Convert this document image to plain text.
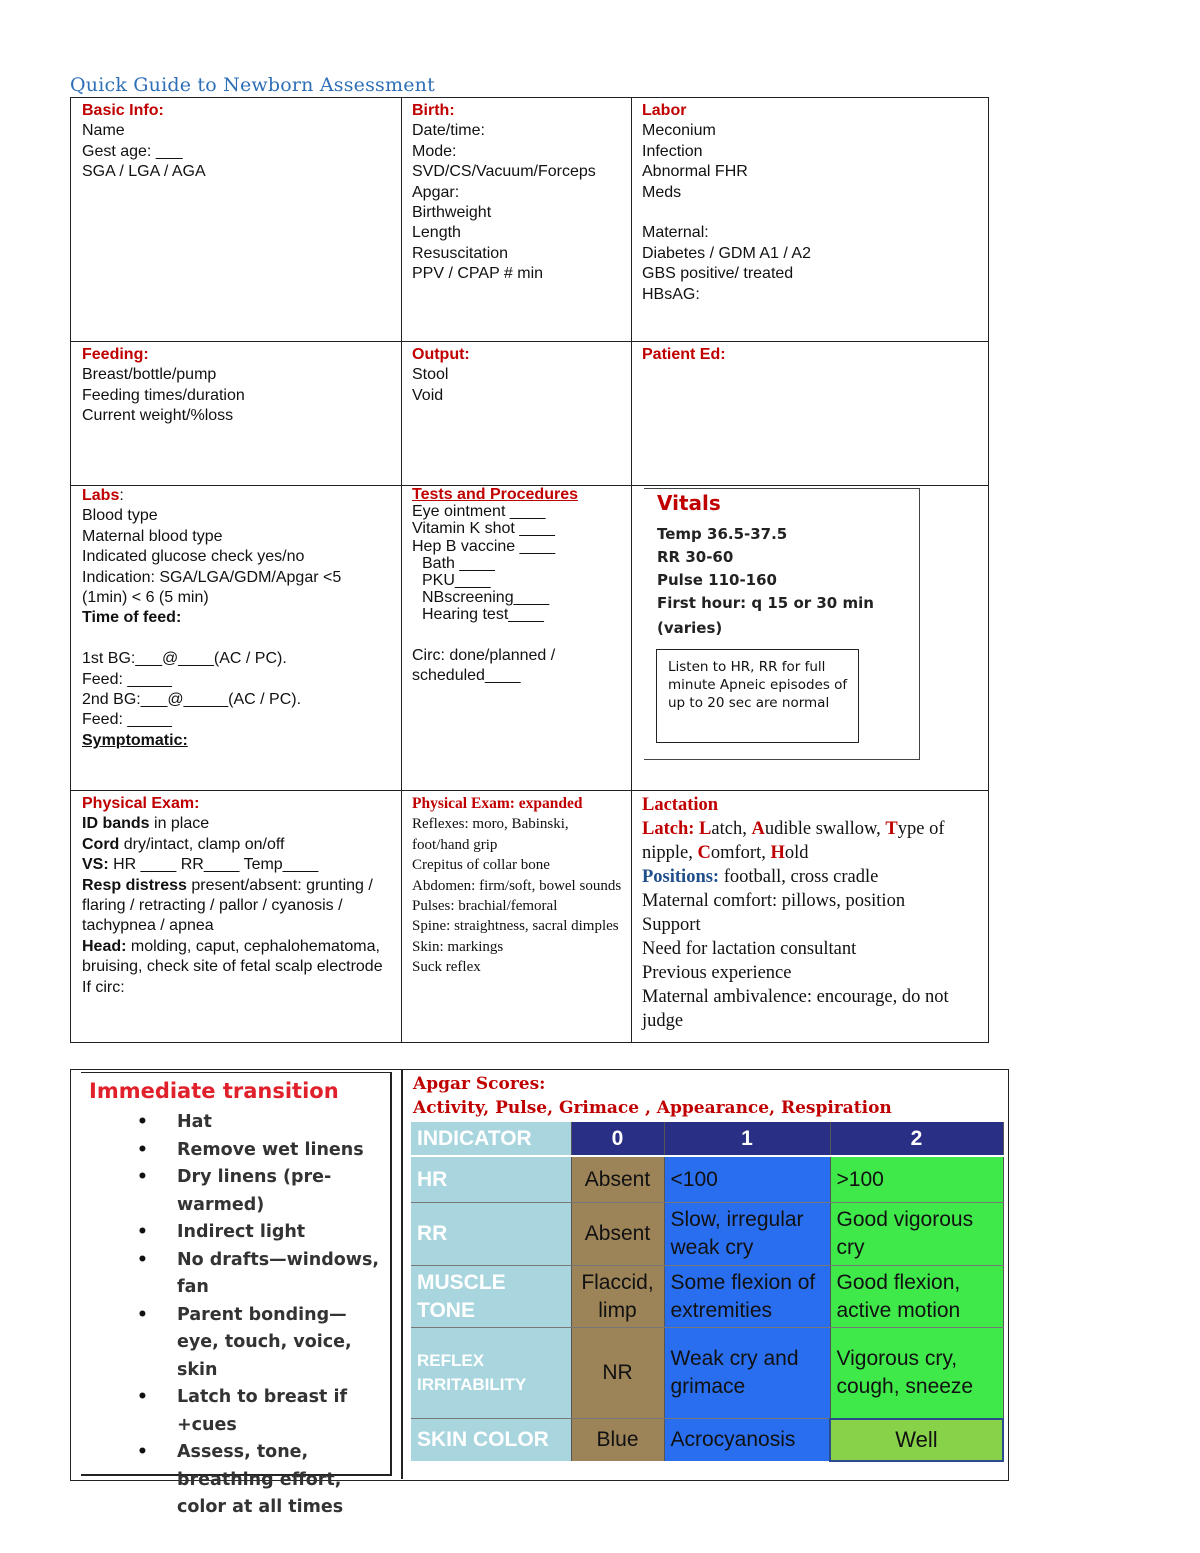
Quick Guide to Newborn Assessment
Basic Info:
Name
Gest age: ___
SGA / LGA / AGA
Birth:
Date/time:
Mode:
SVD/CS/Vacuum/Forceps
Apgar:
Birthweight
Length
Resuscitation
PPV / CPAP # min
Labor
Meconium
Infection
Abnormal FHR
Meds
Maternal:
Diabetes / GDM A1 / A2
GBS positive/ treated
HBsAG:
Feeding:
Breast/bottle/pump
Feeding times/duration
Current weight/%loss
Output:
Stool
Void
Patient Ed:
Labs:
Blood type
Maternal blood type
Indicated glucose check yes/no
Indication: SGA/LGA/GDM/Apgar <5 (1min) < 6 (5 min)
Time of feed:
1st BG:___@____(AC / PC).
Feed: _____
2nd BG:___@_____(AC / PC).
Feed: _____
Symptomatic:
Tests and Procedures
Eye ointment ____
Vitamin K shot ____
Hep B vaccine ____
Bath ____
PKU____
NBscreening____
Hearing test____
Circ: done/planned / scheduled____
Vitals
Temp 36.5-37.5
RR 30-60
Pulse 110-160
First hour: q 15 or 30 min
(varies)
Listen to HR, RR for full minute Apneic episodes of up to 20 sec are normal
Physical Exam:
ID bands in place
Cord dry/intact, clamp on/off
VS: HR ____ RR____ Temp____
Resp distress present/absent: grunting / flaring / retracting / pallor / cyanosis / tachypnea / apnea
Head: molding, caput, cephalohematoma, bruising, check site of fetal scalp electrode
If circ:
Physical Exam: expanded
Reflexes: moro, Babinski, foot/hand grip
Crepitus of collar bone
Abdomen: firm/soft, bowel sounds
Pulses: brachial/femoral
Spine: straightness, sacral dimples
Skin: markings
Suck reflex
Lactation
Latch: Latch, Audible swallow, Type of nipple, Comfort, Hold
Positions: football, cross cradle
Maternal comfort: pillows, position
Support
Need for lactation consultant
Previous experience
Maternal ambivalence: encourage, do not judge
Immediate transition
• Hat
• Remove wet linens
• Dry linens (pre-warmed)
• Indirect light
• No drafts—windows, fan
• Parent bonding—eye, touch, voice, skin
• Latch to breast if +cues
• Assess, tone, breathing effort, color at all times
Apgar Scores:
Activity, Pulse, Grimace , Appearance, Respiration
INDICATOR	0	1	2
HR	Absent	<100	>100
RR	Absent	Slow, irregular weak cry	Good vigorous cry
MUSCLE TONE	Flaccid, limp	Some flexion of extremities	Good flexion, active motion
REFLEX IRRITABILITY	NR	Weak cry and grimace	Vigorous cry, cough, sneeze
SKIN COLOR	Blue	Acrocyanosis	Well
